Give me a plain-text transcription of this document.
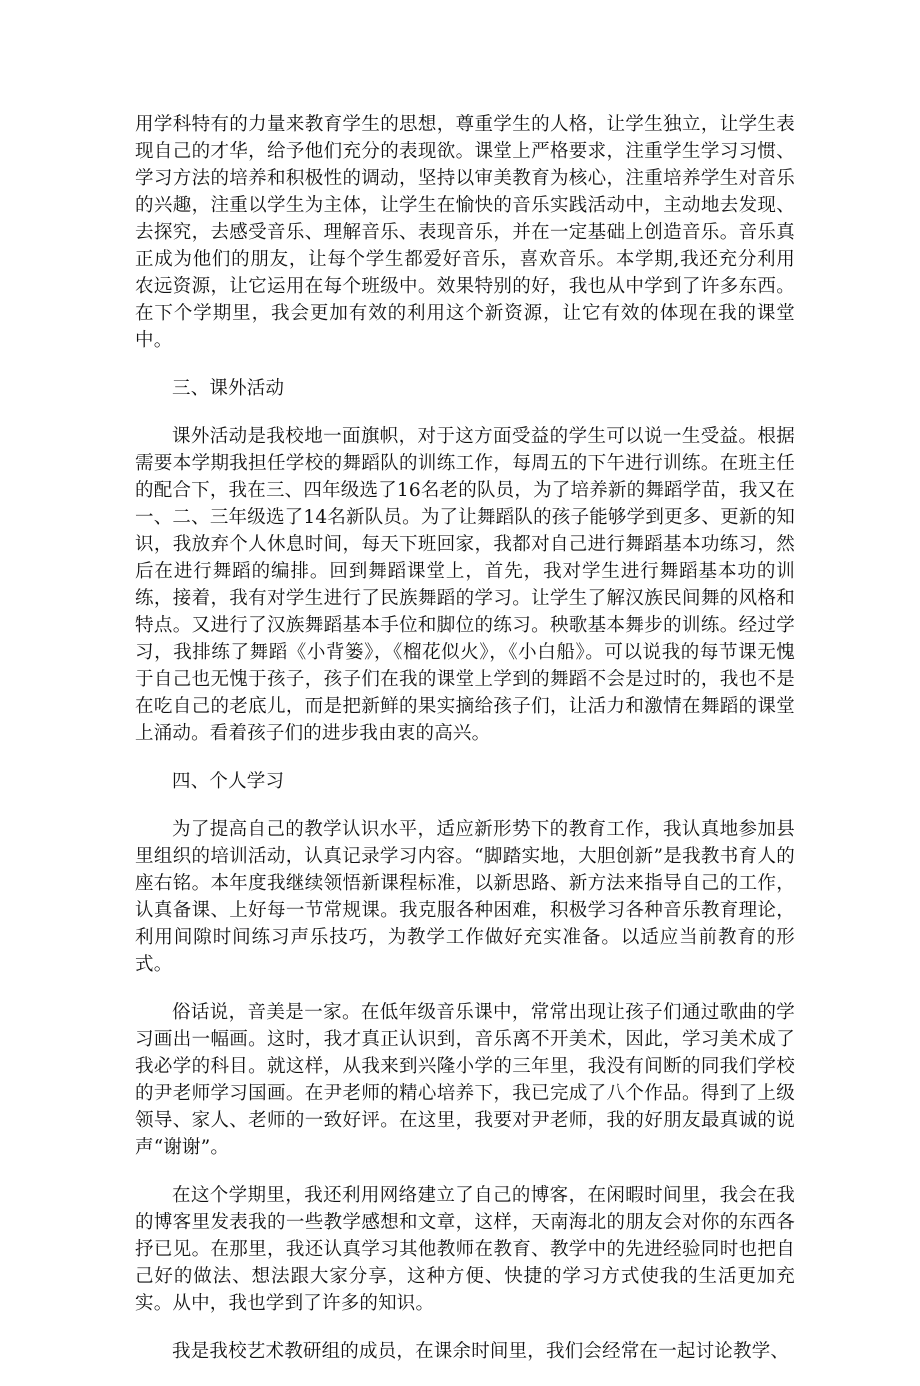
用学科特有的力量来教育学生的思想，尊重学生的人格，让学生独立，让学生表现自己的才华，给予他们充分的表现欲。课堂上严格要求，注重学生学习习惯、学习方法的培养和积极性的调动，坚持以审美教育为核心，注重培养学生对音乐的兴趣，注重以学生为主体，让学生在愉快的音乐实践活动中，主动地去发现、去探究，去感受音乐、理解音乐、表现音乐，并在一定基础上创造音乐。音乐真正成为他们的朋友，让每个学生都爱好音乐，喜欢音乐。本学期,我还充分利用农远资源，让它运用在每个班级中。效果特别的好，我也从中学到了许多东西。在下个学期里，我会更加有效的利用这个新资源，让它有效的体现在我的课堂中。

三、课外活动

课外活动是我校地一面旗帜，对于这方面受益的学生可以说一生受益。根据需要本学期我担任学校的舞蹈队的训练工作，每周五的下午进行训练。在班主任的配合下，我在三、四年级选了16名老的队员，为了培养新的舞蹈学苗，我又在一、二、三年级选了14名新队员。为了让舞蹈队的孩子能够学到更多、更新的知识，我放弃个人休息时间，每天下班回家，我都对自己进行舞蹈基本功练习，然后在进行舞蹈的编排。回到舞蹈课堂上，首先，我对学生进行舞蹈基本功的训练，接着，我有对学生进行了民族舞蹈的学习。让学生了解汉族民间舞的风格和特点。又进行了汉族舞蹈基本手位和脚位的练习。秧歌基本舞步的训练。经过学习，我排练了舞蹈《小背篓》，《榴花似火》，《小白船》。可以说我的每节课无愧于自己也无愧于孩子，孩子们在我的课堂上学到的舞蹈不会是过时的，我也不是在吃自己的老底儿，而是把新鲜的果实摘给孩子们，让活力和激情在舞蹈的课堂上涌动。看着孩子们的进步我由衷的高兴。

四、个人学习

为了提高自己的教学认识水平，适应新形势下的教育工作，我认真地参加县里组织的培训活动，认真记录学习内容。“脚踏实地，大胆创新”是我教书育人的座右铭。本年度我继续领悟新课程标准，以新思路、新方法来指导自己的工作，认真备课、上好每一节常规课。我克服各种困难，积极学习各种音乐教育理论，利用间隙时间练习声乐技巧，为教学工作做好充实准备。以适应当前教育的形式。

俗话说，音美是一家。在低年级音乐课中，常常出现让孩子们通过歌曲的学习画出一幅画。这时，我才真正认识到，音乐离不开美术，因此，学习美术成了我必学的科目。就这样，从我来到兴隆小学的三年里，我没有间断的同我们学校的尹老师学习国画。在尹老师的精心培养下，我已完成了八个作品。得到了上级领导、家人、老师的一致好评。在这里，我要对尹老师，我的好朋友最真诚的说声“谢谢”。

在这个学期里，我还利用网络建立了自己的博客，在闲暇时间里，我会在我的博客里发表我的一些教学感想和文章，这样，天南海北的朋友会对你的东西各抒已见。在那里，我还认真学习其他教师在教育、教学中的先进经验同时也把自己好的做法、想法跟大家分享，这种方便、快捷的学习方式使我的生活更加充实。从中，我也学到了许多的知识。

我是我校艺术教研组的成员，在课余时间里，我们会经常在一起讨论教学、
